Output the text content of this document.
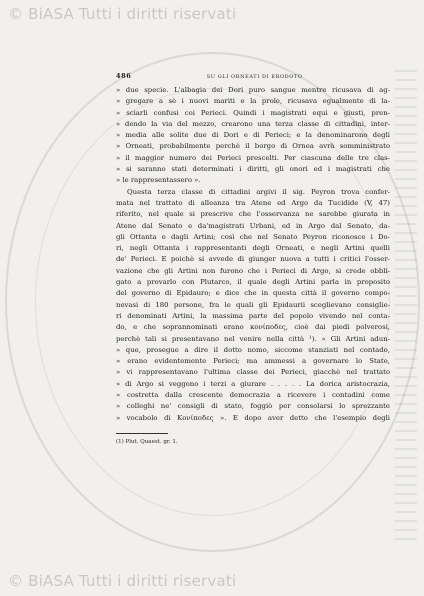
© BiASA Tutti i diritti riservati
486	SU GLI ORNEATI DI ERODOTO
» due specie. L'albagia dei Dori puro sangue mentre ricusava di ag-
» gregare a sè i nuovi mariti e la prole, ricusava egualmente di la-
» sciarli confusi coi Perieci. Quindi i magistrati equi e giusti, pren-
» dendo la via del mezzo, crearono una terza classe di cittadini, inter-
» media alle solite due di Dori e di Perieci; e la denominarono degli
» Orneati, probabilmente perchè il borgo di Ornea avrà somministrato
» il maggior numero dei Perieci prescelti. Per ciascuna delle tre clas-
» si saranno stati determinati i diritti, gli onori ed i magistrati che
» le rappresentassero ».
Questa terza classe di cittadini argivi il sig. Peyron trova confer-
mata nel trattato di alleanza tra Atene ed Argo da Tucidide (V, 47)
riferito, nel quale si prescrive che l'osservanza ne sarebbe giurata in
Atene dal Senato e da'magistrati Urbani, ed in Argo dal Senato, da-
gli Ottanta e dagli Artini; così che nel Senato Peyron riconosce i Do-
ri, negli Ottanta i rappresentanti degli Orneati, e negli Artini quelli
de' Perieci. E poichè si avvede di giunger nuova a tutti i critici l'osser-
vazione che gli Artini non furono che i Perieci di Argo, si crede obbli-
gato a provarlo con Plutarco, il quale degli Artini parla in proposito
del governo di Epidauro; e dice che in questa città il governo compo-
nevasi di 180 persone, fra le quali gli Epidaurii sceglievano consiglie-
ri denominati Artini, la massima parte del popolo vivendo nel conta-
do, e che soprannominati erano κονίποδες, cioè dai piedi polverosi,
perchè tali si presentavano nel venire nella città ¹). « Gli Artini adun-
» que, prosegue a dire il dotto nomo, siccome stanziati nel contado,
» erano evidentemente Perieci; ma ammessi a governare lo Stato,
» vi rappresentavano l'ultima classe dei Perieci, giacchè nel trattato
» di Argo si veggono i terzi a giurare . . . . . La dorica aristocrazia,
» costretta dalla crescente democrazia a ricevere i contadini come
» colleghi ne' consigli di stato, foggiò per consolarsi lo sprezzante
» vocabolo di Κονίποδες ». E dopo aver detto che l'esempio degli
(1) Plut. Quaest. gr. 1.
© BiASA Tutti i diritti riservati
